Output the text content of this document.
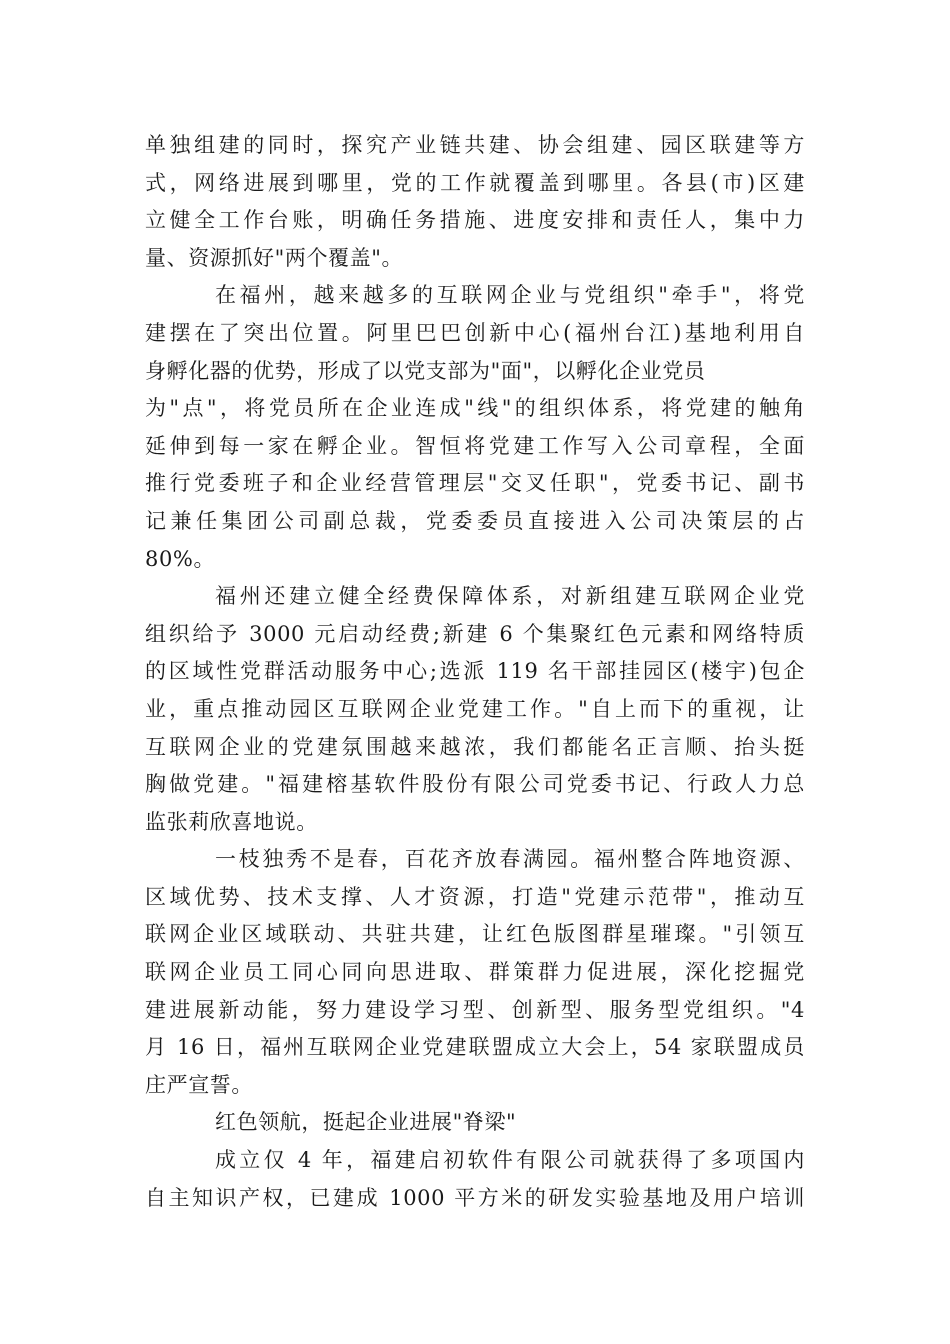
单独组建的同时，探究产业链共建、协会组建、园区联建等方
式，网络进展到哪里，党的工作就覆盖到哪里。各县(市)区建
立健全工作台账，明确任务措施、进度安排和责任人，集中力
量、资源抓好"两个覆盖"。
在福州，越来越多的互联网企业与党组织"牵手"，将党
建摆在了突出位置。阿里巴巴创新中心(福州台江)基地利用自
身孵化器的优势，形成了以党支部为"面"，以孵化企业党员
为"点"，将党员所在企业连成"线"的组织体系，将党建的触角
延伸到每一家在孵企业。智恒将党建工作写入公司章程，全面
推行党委班子和企业经营管理层"交叉任职"，党委书记、副书
记兼任集团公司副总裁，党委委员直接进入公司决策层的占
80%。
福州还建立健全经费保障体系，对新组建互联网企业党
组织给予 3000 元启动经费;新建 6 个集聚红色元素和网络特质
的区域性党群活动服务中心;选派 119 名干部挂园区(楼宇)包企
业，重点推动园区互联网企业党建工作。"自上而下的重视，让
互联网企业的党建氛围越来越浓，我们都能名正言顺、抬头挺
胸做党建。"福建榕基软件股份有限公司党委书记、行政人力总
监张莉欣喜地说。
一枝独秀不是春，百花齐放春满园。福州整合阵地资源、
区域优势、技术支撑、人才资源，打造"党建示范带"，推动互
联网企业区域联动、共驻共建，让红色版图群星璀璨。"引领互
联网企业员工同心同向思进取、群策群力促进展，深化挖掘党
建进展新动能，努力建设学习型、创新型、服务型党组织。"4
月 16 日，福州互联网企业党建联盟成立大会上，54 家联盟成员
庄严宣誓。
红色领航，挺起企业进展"脊梁"
成立仅 4 年，福建启初软件有限公司就获得了多项国内
自主知识产权，已建成 1000 平方米的研发实验基地及用户培训
